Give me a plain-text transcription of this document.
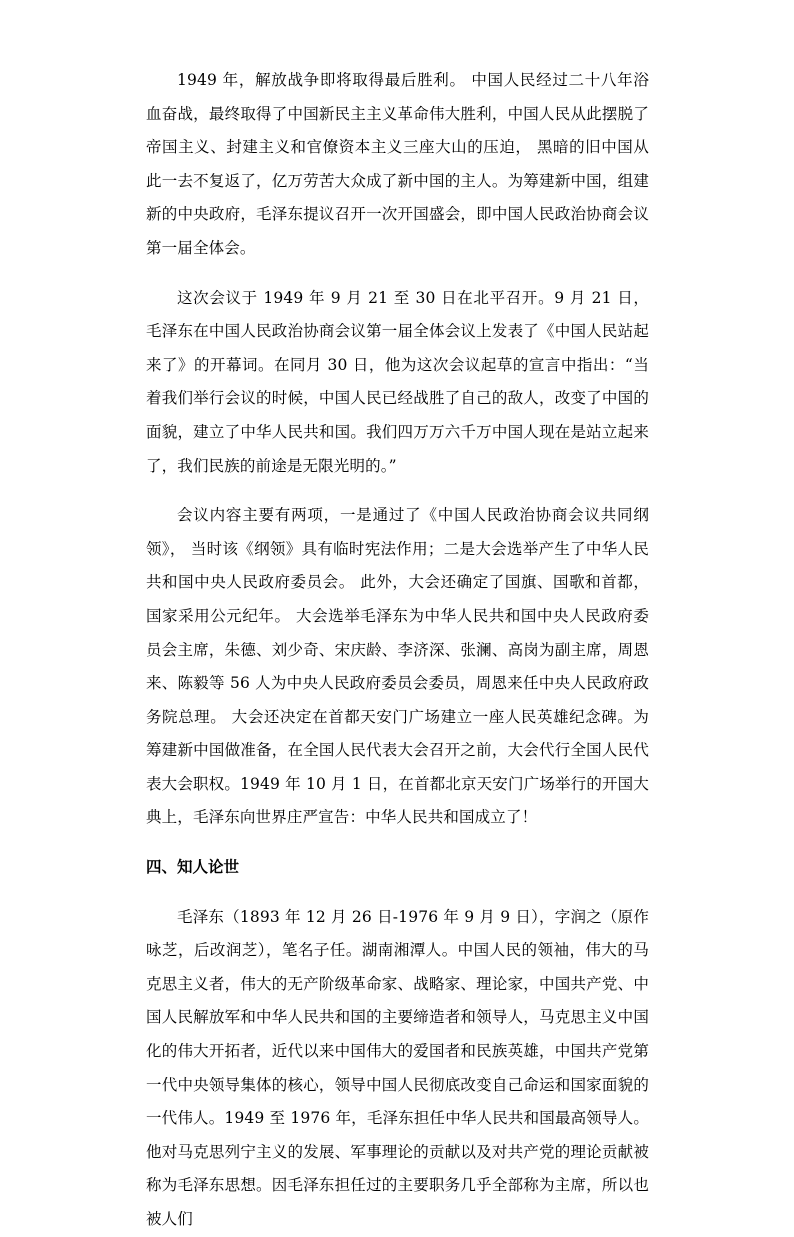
1949 年，解放战争即将取得最后胜利。 中国人民经过二十八年浴血奋战，最终取得了中国新民主主义革命伟大胜利，中国人民从此摆脱了帝国主义、封建主义和官僚资本主义三座大山的压迫， 黑暗的旧中国从此一去不复返了，亿万劳苦大众成了新中国的主人。为筹建新中国，组建新的中央政府，毛泽东提议召开一次开国盛会，即中国人民政治协商会议第一届全体会。

这次会议于 1949 年 9 月 21 至 30 日在北平召开。9 月 21 日，毛泽东在中国人民政治协商会议第一届全体会议上发表了《中国人民站起来了》的开幕词。在同月 30 日，他为这次会议起草的宣言中指出：“当着我们举行会议的时候，中国人民已经战胜了自己的敌人，改变了中国的面貌，建立了中华人民共和国。我们四万万六千万中国人现在是站立起来了，我们民族的前途是无限光明的。”

会议内容主要有两项，一是通过了《中国人民政治协商会议共同纲领》， 当时该《纲领》具有临时宪法作用；二是大会选举产生了中华人民共和国中央人民政府委员会。 此外，大会还确定了国旗、国歌和首都，国家采用公元纪年。 大会选举毛泽东为中华人民共和国中央人民政府委员会主席，朱德、刘少奇、宋庆龄、李济深、张澜、高岗为副主席，周恩来、陈毅等 56 人为中央人民政府委员会委员，周恩来任中央人民政府政务院总理。 大会还决定在首都天安门广场建立一座人民英雄纪念碑。为筹建新中国做准备，在全国人民代表大会召开之前，大会代行全国人民代表大会职权。1949 年 10 月 1 日，在首都北京天安门广场举行的开国大典上，毛泽东向世界庄严宣告：中华人民共和国成立了！

四、知人论世

毛泽东（1893 年 12 月 26 日-1976 年 9 月 9 日），字润之（原作咏芝，后改润芝），笔名子任。湖南湘潭人。中国人民的领袖，伟大的马克思主义者，伟大的无产阶级革命家、战略家、理论家，中国共产党、中国人民解放军和中华人民共和国的主要缔造者和领导人，马克思主义中国化的伟大开拓者，近代以来中国伟大的爱国者和民族英雄，中国共产党第一代中央领导集体的核心，领导中国人民彻底改变自己命运和国家面貌的一代伟人。1949 至 1976 年，毛泽东担任中华人民共和国最高领导人。他对马克思列宁主义的发展、军事理论的贡献以及对共产党的理论贡献被称为毛泽东思想。因毛泽东担任过的主要职务几乎全部称为主席，所以也被人们
